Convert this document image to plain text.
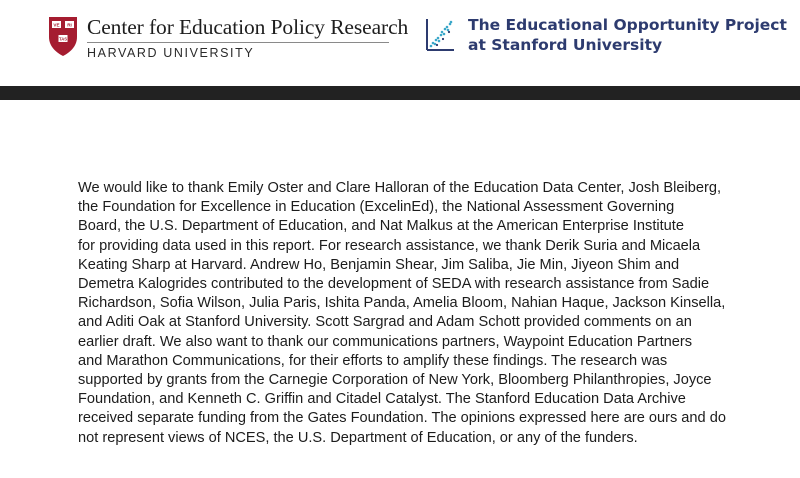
VE RI
TAS
Center for Education Policy Research
HARVARD UNIVERSITY
The Educational Opportunity Project
at Stanford University
We would like to thank Emily Oster and Clare Halloran of the Education Data Center, Josh Bleiberg,
the Foundation for Excellence in Education (ExcelinEd), the National Assessment Governing
Board, the U.S. Department of Education, and Nat Malkus at the American Enterprise Institute
for providing data used in this report. For research assistance, we thank Derik Suria and Micaela
Keating Sharp at Harvard. Andrew Ho, Benjamin Shear, Jim Saliba, Jie Min, Jiyeon Shim and
Demetra Kalogrides contributed to the development of SEDA with research assistance from Sadie
Richardson, Sofia Wilson, Julia Paris, Ishita Panda, Amelia Bloom, Nahian Haque, Jackson Kinsella,
and Aditi Oak at Stanford University. Scott Sargrad and Adam Schott provided comments on an
earlier draft. We also want to thank our communications partners, Waypoint Education Partners
and Marathon Communications, for their efforts to amplify these findings. The research was
supported by grants from the Carnegie Corporation of New York, Bloomberg Philanthropies, Joyce
Foundation, and Kenneth C. Griffin and Citadel Catalyst. The Stanford Education Data Archive
received separate funding from the Gates Foundation. The opinions expressed here are ours and do
not represent views of NCES, the U.S. Department of Education, or any of the funders.
